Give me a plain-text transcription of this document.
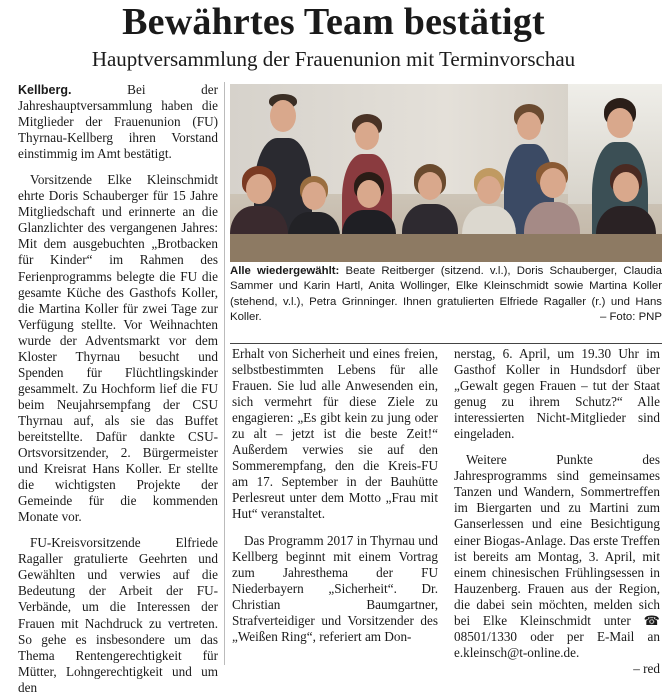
Bewährtes Team bestätigt
Hauptversammlung der Frauenunion mit Terminvorschau

Kellberg.	Bei der Jahreshauptversammlung haben die Mitglieder der Frauenunion (FU) Thyrnau-Kellberg ihren Vorstand einstimmig im Amt bestätigt.

Vorsitzende Elke Kleinschmidt ehrte Doris Schauberger für 15 Jahre Mitgliedschaft und erinnerte an die Glanzlichter des vergangenen Jahres: Mit dem ausgebuchten „Brotbacken für Kinder“ im Rahmen des Ferienprogramms belegte die FU die gesamte Küche des Gasthofs Koller, die Martina Koller für zwei Tage zur Verfügung stellte. Vor Weihnachten wurde der Adventsmarkt vor dem Kloster Thyrnau besucht und Spenden für Flüchtlingskinder gesammelt. Zu Hochform lief die FU beim Neujahrsempfang der CSU Thyrnau auf, als sie das Buffet bereitstellte. Dafür dankte CSU-Ortsvorsitzender, 2. Bürgermeister und Kreisrat Hans Koller. Er stellte die wichtigsten Projekte der Gemeinde für die kommenden Monate vor.

FU-Kreisvorsitzende Elfriede Ragaller gratulierte Geehrten und Gewählten und verwies auf die Bedeutung der Arbeit der FU-Verbände, um die Interessen der Frauen mit Nachdruck zu vertreten. So gehe es insbesondere um das Thema Rentengerechtigkeit für Mütter, Lohngerechtigkeit und um den

Alle wiedergewählt: Beate Reitberger (sitzend. v.l.), Doris Schauberger, Claudia Sammer und Karin Hartl, Anita Wollinger, Elke Kleinschmidt sowie Martina Koller (stehend, v.l.), Petra Grinninger. Ihnen gratulierten Elfriede Ragaller (r.) und Hans Koller.	– Foto: PNP

Erhalt von Sicherheit und eines freien, selbstbestimmten Lebens für alle Frauen. Sie lud alle Anwesenden ein, sich vermehrt für diese Ziele zu engagieren: „Es gibt kein zu jung oder zu alt – jetzt ist die beste Zeit!“ Außerdem verwies sie auf den Sommerempfang, den die Kreis-FU am 17. September in der Bauhütte Perlesreut unter dem Motto „Frau mit Hut“ veranstaltet.

Das Programm 2017 in Thyrnau und Kellberg beginnt mit einem Vortrag zum Jahresthema der FU Niederbayern „Sicherheit“. Dr. Christian Baumgartner, Strafverteidiger und Vorsitzender des „Weißen Ring“, referiert am Don-

nerstag, 6. April, um 19.30 Uhr im Gasthof Koller in Hundsdorf über „Gewalt gegen Frauen – tut der Staat genug zu ihrem Schutz?“ Alle interessierten Nicht-Mitglieder sind eingeladen.

Weitere Punkte des Jahresprogramms sind gemeinsames Tanzen und Wandern, Sommertreffen im Biergarten und zu Martini zum Ganserlessen und eine Besichtigung einer Biogas-Anlage. Das erste Treffen ist bereits am Montag, 3. April, mit einem chinesischen Frühlingsessen in Hauzenberg. Frauen aus der Region, die dabei sein möchten, melden sich bei Elke Kleinschmidt unter ☎ 08501/1330 oder per E-Mail an e.kleinsch@t-online.de.

– red
